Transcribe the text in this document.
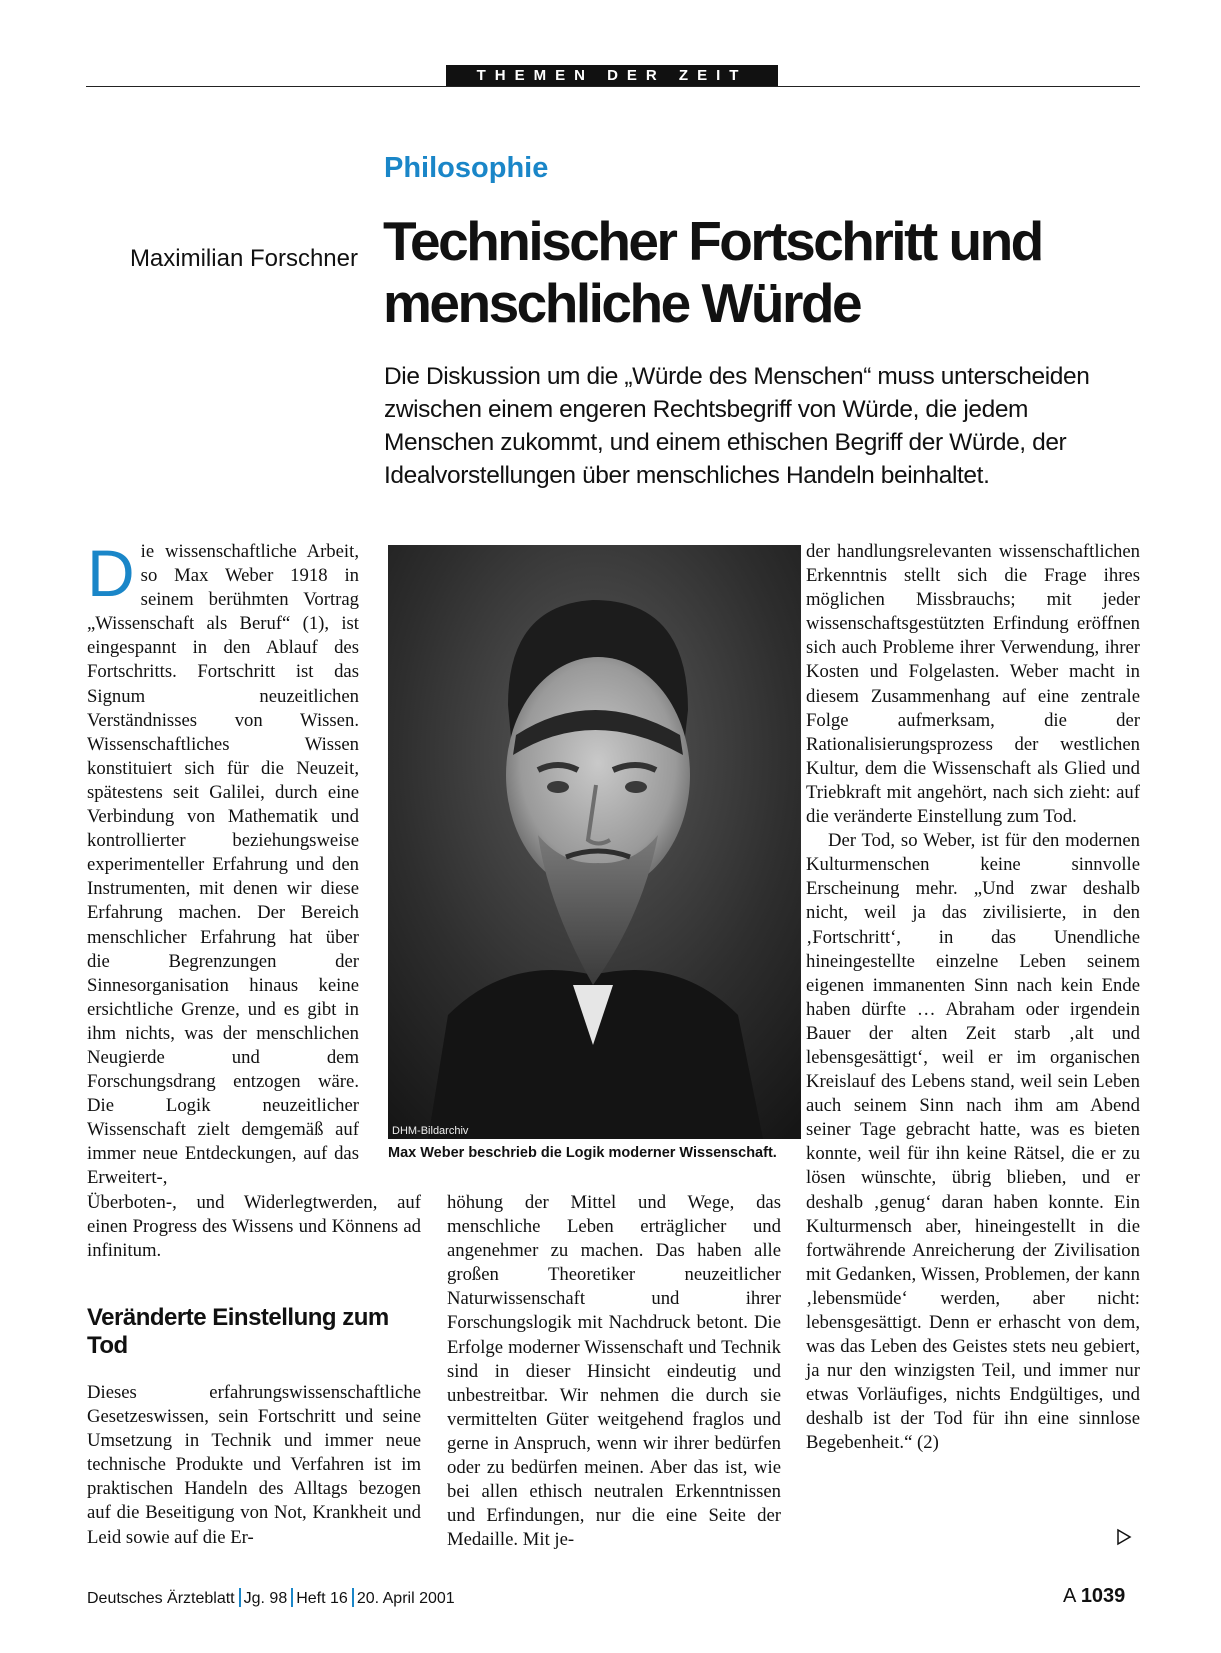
THEMEN DER ZEIT
Philosophie
Maximilian Forschner Technischer Fortschritt und
menschliche Würde

Die Diskussion um die „Würde des Menschen“ muss unterscheiden zwischen einem engeren Rechtsbegriff von Würde, die jedem Menschen zukommt, und einem ethischen Begriff der Würde, der Idealvorstellungen über menschliches Handeln beinhaltet.

Die wissenschaftliche Arbeit, so Max Weber 1918 in seinem berühmten Vortrag „Wissenschaft als Beruf“ (1), ist eingespannt in den Ablauf des Fortschritts. Fortschritt ist das Signum neuzeitlichen Verständnisses von Wissen. Wissenschaftliches Wissen konstituiert sich für die Neuzeit, spätestens seit Galilei, durch eine Verbindung von Mathematik und kontrollierter beziehungsweise experimenteller Erfahrung und den Instrumenten, mit denen wir diese Erfahrung machen. Der Bereich menschlicher Erfahrung hat über die Begrenzungen der Sinnesorganisation hinaus keine ersichtliche Grenze, und es gibt in ihm nichts, was der menschlichen Neugierde und dem Forschungsdrang entzogen wäre. Die Logik neuzeitlicher Wissenschaft zielt demgemäß auf immer neue Entdeckungen, auf das Erweitert-,

Überboten-, und Widerlegtwerden, auf einen Progress des Wissens und Könnens ad infinitum.

Veränderte Einstellung zum Tod

Dieses erfahrungswissenschaftliche Gesetzeswissen, sein Fortschritt und seine Umsetzung in Technik und immer neue technische Produkte und Verfahren ist im praktischen Handeln des Alltags bezogen auf die Beseitigung von Not, Krankheit und Leid sowie auf die Er-

DHM-Bildarchiv
Max Weber beschrieb die Logik moderner Wissenschaft.

höhung der Mittel und Wege, das menschliche Leben erträglicher und angenehmer zu machen. Das haben alle großen Theoretiker neuzeitlicher Naturwissenschaft und ihrer Forschungslogik mit Nachdruck betont. Die Erfolge moderner Wissenschaft und Technik sind in dieser Hinsicht eindeutig und unbestreitbar. Wir nehmen die durch sie vermittelten Güter weitgehend fraglos und gerne in Anspruch, wenn wir ihrer bedürfen oder zu bedürfen meinen. Aber das ist, wie bei allen ethisch neutralen Erkenntnissen und Erfindungen, nur die eine Seite der Medaille. Mit je-

der handlungsrelevanten wissenschaftlichen Erkenntnis stellt sich die Frage ihres möglichen Missbrauchs; mit jeder wissenschaftsgestützten Erfindung eröffnen sich auch Probleme ihrer Verwendung, ihrer Kosten und Folgelasten. Weber macht in diesem Zusammenhang auf eine zentrale Folge aufmerksam, die der Rationalisierungsprozess der westlichen Kultur, dem die Wissenschaft als Glied und Triebkraft mit angehört, nach sich zieht: auf die veränderte Einstellung zum Tod.

Der Tod, so Weber, ist für den modernen Kulturmenschen keine sinnvolle Erscheinung mehr. „Und zwar deshalb nicht, weil ja das zivilisierte, in den ‚Fortschritt‘, in das Unendliche hineingestellte einzelne Leben seinem eigenen immanenten Sinn nach kein Ende haben dürfte … Abraham oder irgendein Bauer der alten Zeit starb ‚alt und lebensgesättigt‘, weil er im organischen Kreislauf des Lebens stand, weil sein Leben auch seinem Sinn nach ihm am Abend seiner Tage gebracht hatte, was es bieten konnte, weil für ihn keine Rätsel, die er zu lösen wünschte, übrig blieben, und er deshalb ‚genug‘ daran haben konnte. Ein Kulturmensch aber, hineingestellt in die fortwährende Anreicherung der Zivilisation mit Gedanken, Wissen, Problemen, der kann ‚lebensmüde‘ werden, aber nicht: lebensgesättigt. Denn er erhascht von dem, was das Leben des Geistes stets neu gebiert, ja nur den winzigsten Teil, und immer nur etwas Vorläufiges, nichts Endgültiges, und deshalb ist der Tod für ihn eine sinnlose Begebenheit.“ (2)

Deutsches Ärzteblatt Jg. 98 Heft 16 20. April 2001	A 1039
